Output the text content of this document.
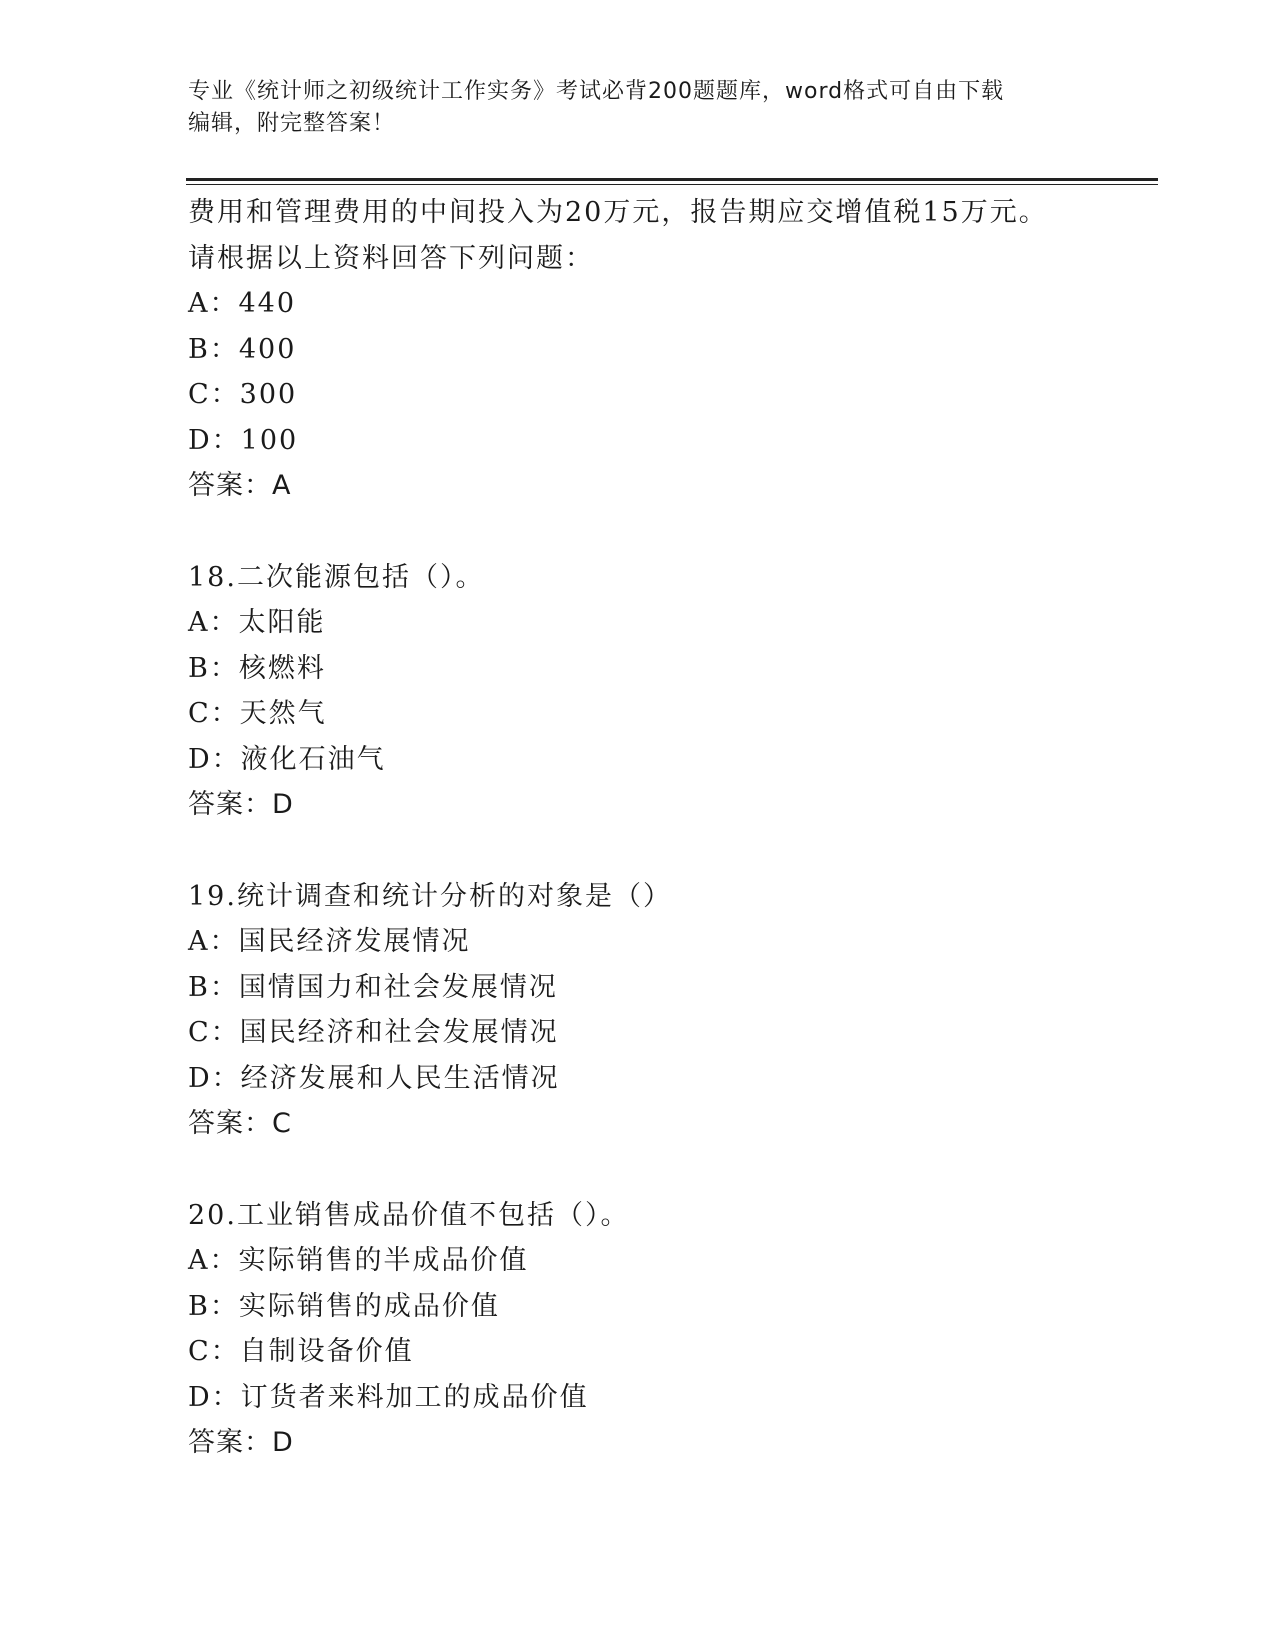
专业《统计师之初级统计工作实务》考试必背200题题库，word格式可自由下载
编辑，附完整答案！
费用和管理费用的中间投入为20万元，报告期应交增值税15万元。
请根据以上资料回答下列问题：
A：440
B：400
C：300
D：100
答案：A
18.二次能源包括（）。
A：太阳能
B：核燃料
C：天然气
D：液化石油气
答案：D
19.统计调查和统计分析的对象是（）
A：国民经济发展情况
B：国情国力和社会发展情况
C：国民经济和社会发展情况
D：经济发展和人民生活情况
答案：C
20.工业销售成品价值不包括（）。
A：实际销售的半成品价值
B：实际销售的成品价值
C：自制设备价值
D：订货者来料加工的成品价值
答案：D
